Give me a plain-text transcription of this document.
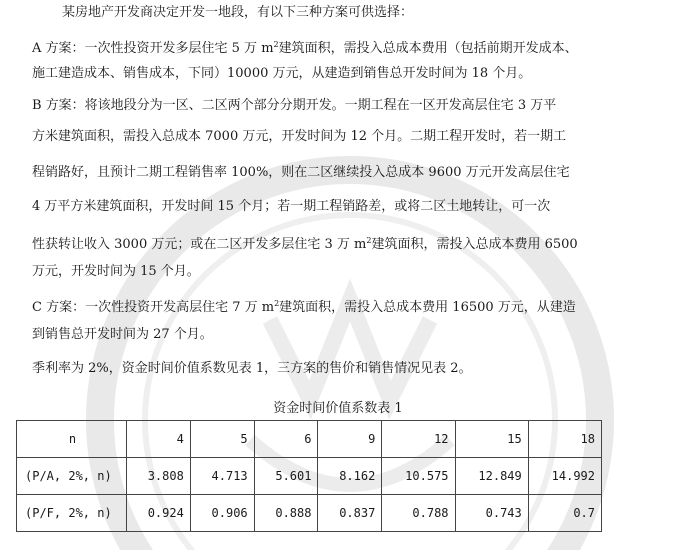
某房地产开发商决定开发一地段，有以下三种方案可供选择：
A 方案：一次性投资开发多层住宅 5 万 $m^2$建筑面积，需投入总成本费用（包括前期开发成本、
施工建造成本、销售成本，下同）10000 万元，从建造到销售总开发时间为 18 个月。
B 方案：将该地段分为一区、二区两个部分分期开发。一期工程在一区开发高层住宅 3 万平
方米建筑面积，需投入总成本 7000 万元，开发时间为 12 个月。二期工程开发时，若一期工
程销路好，且预计二期工程销售率 100%，则在二区继续投入总成本 9600 万元开发高层住宅
4 万平方米建筑面积，开发时间 15 个月；若一期工程销路差，或将二区土地转让，可一次
性获转让收入 3000 万元；或在二区开发多层住宅 3 万 $m^2$建筑面积，需投入总成本费用 6500
万元，开发时间为 15 个月。
C 方案：一次性投资开发高层住宅 7 万 $m^2$建筑面积，需投入总成本费用 16500 万元，从建造
到销售总开发时间为 27 个月。
季利率为 2%，资金时间价值系数见表 1，三方案的售价和销售情况见表 2。
资金时间价值系数表 1
n	4	5	6	9	12	15	18
(P/A, 2%, n)	3.808	4.713	5.601	8.162	10.575	12.849	14.992
(P/F, 2%, n)	0.924	0.906	0.888	0.837	0.788	0.743	0.7
